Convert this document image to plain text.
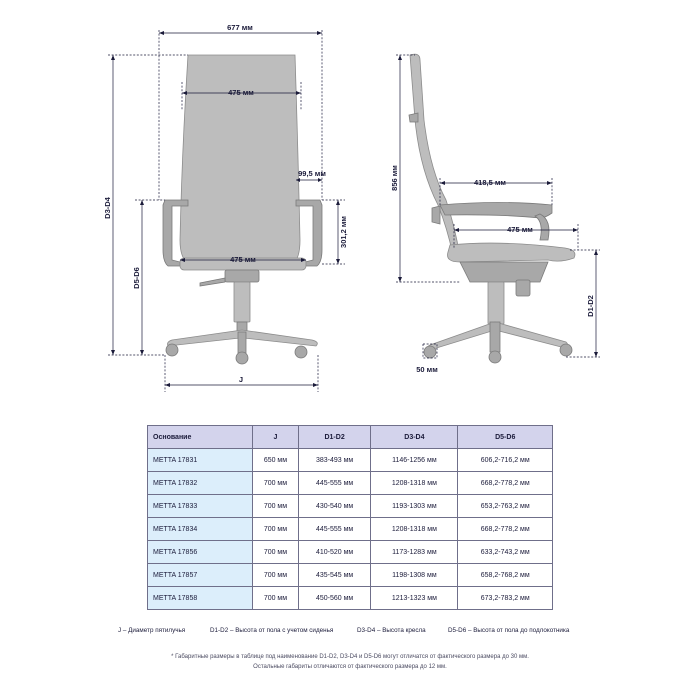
677 мм
475 мм
99,5 мм
301,2 мм
475 мм
D3-D4
D5-D6
J
856 мм	418,5 мм
475 мм
D1-D2
50 мм
Основание	J	D1-D2	D3-D4	D5-D6
METTA 17831	650 мм	383-493 мм	1146-1256 мм	606,2-716,2 мм
METTA 17832	700 мм	445-555 мм	1208-1318 мм	668,2-778,2 мм
METTA 17833	700 мм	430-540 мм	1193-1303 мм	653,2-763,2 мм
METTA 17834	700 мм	445-555 мм	1208-1318 мм	668,2-778,2 мм
METTA 17856	700 мм	410-520 мм	1173-1283 мм	633,2-743,2 мм
METTA 17857	700 мм	435-545 мм	1198-1308 мм	658,2-768,2 мм
METTA 17858	700 мм	450-560 мм	1213-1323 мм	673,2-783,2 мм
J – Диаметр пятилучья	D1-D2 – Высота от пола с учетом сиденья	D3-D4 – Высота кресла	D5-D6 – Высота от пола до подлокотника
* Габаритные размеры в таблице под наименование D1-D2, D3-D4 и D5-D6 могут отличатся от фактического размера до 30 мм.
Остальные габариты отличаются от фактического размера до 12 мм.
